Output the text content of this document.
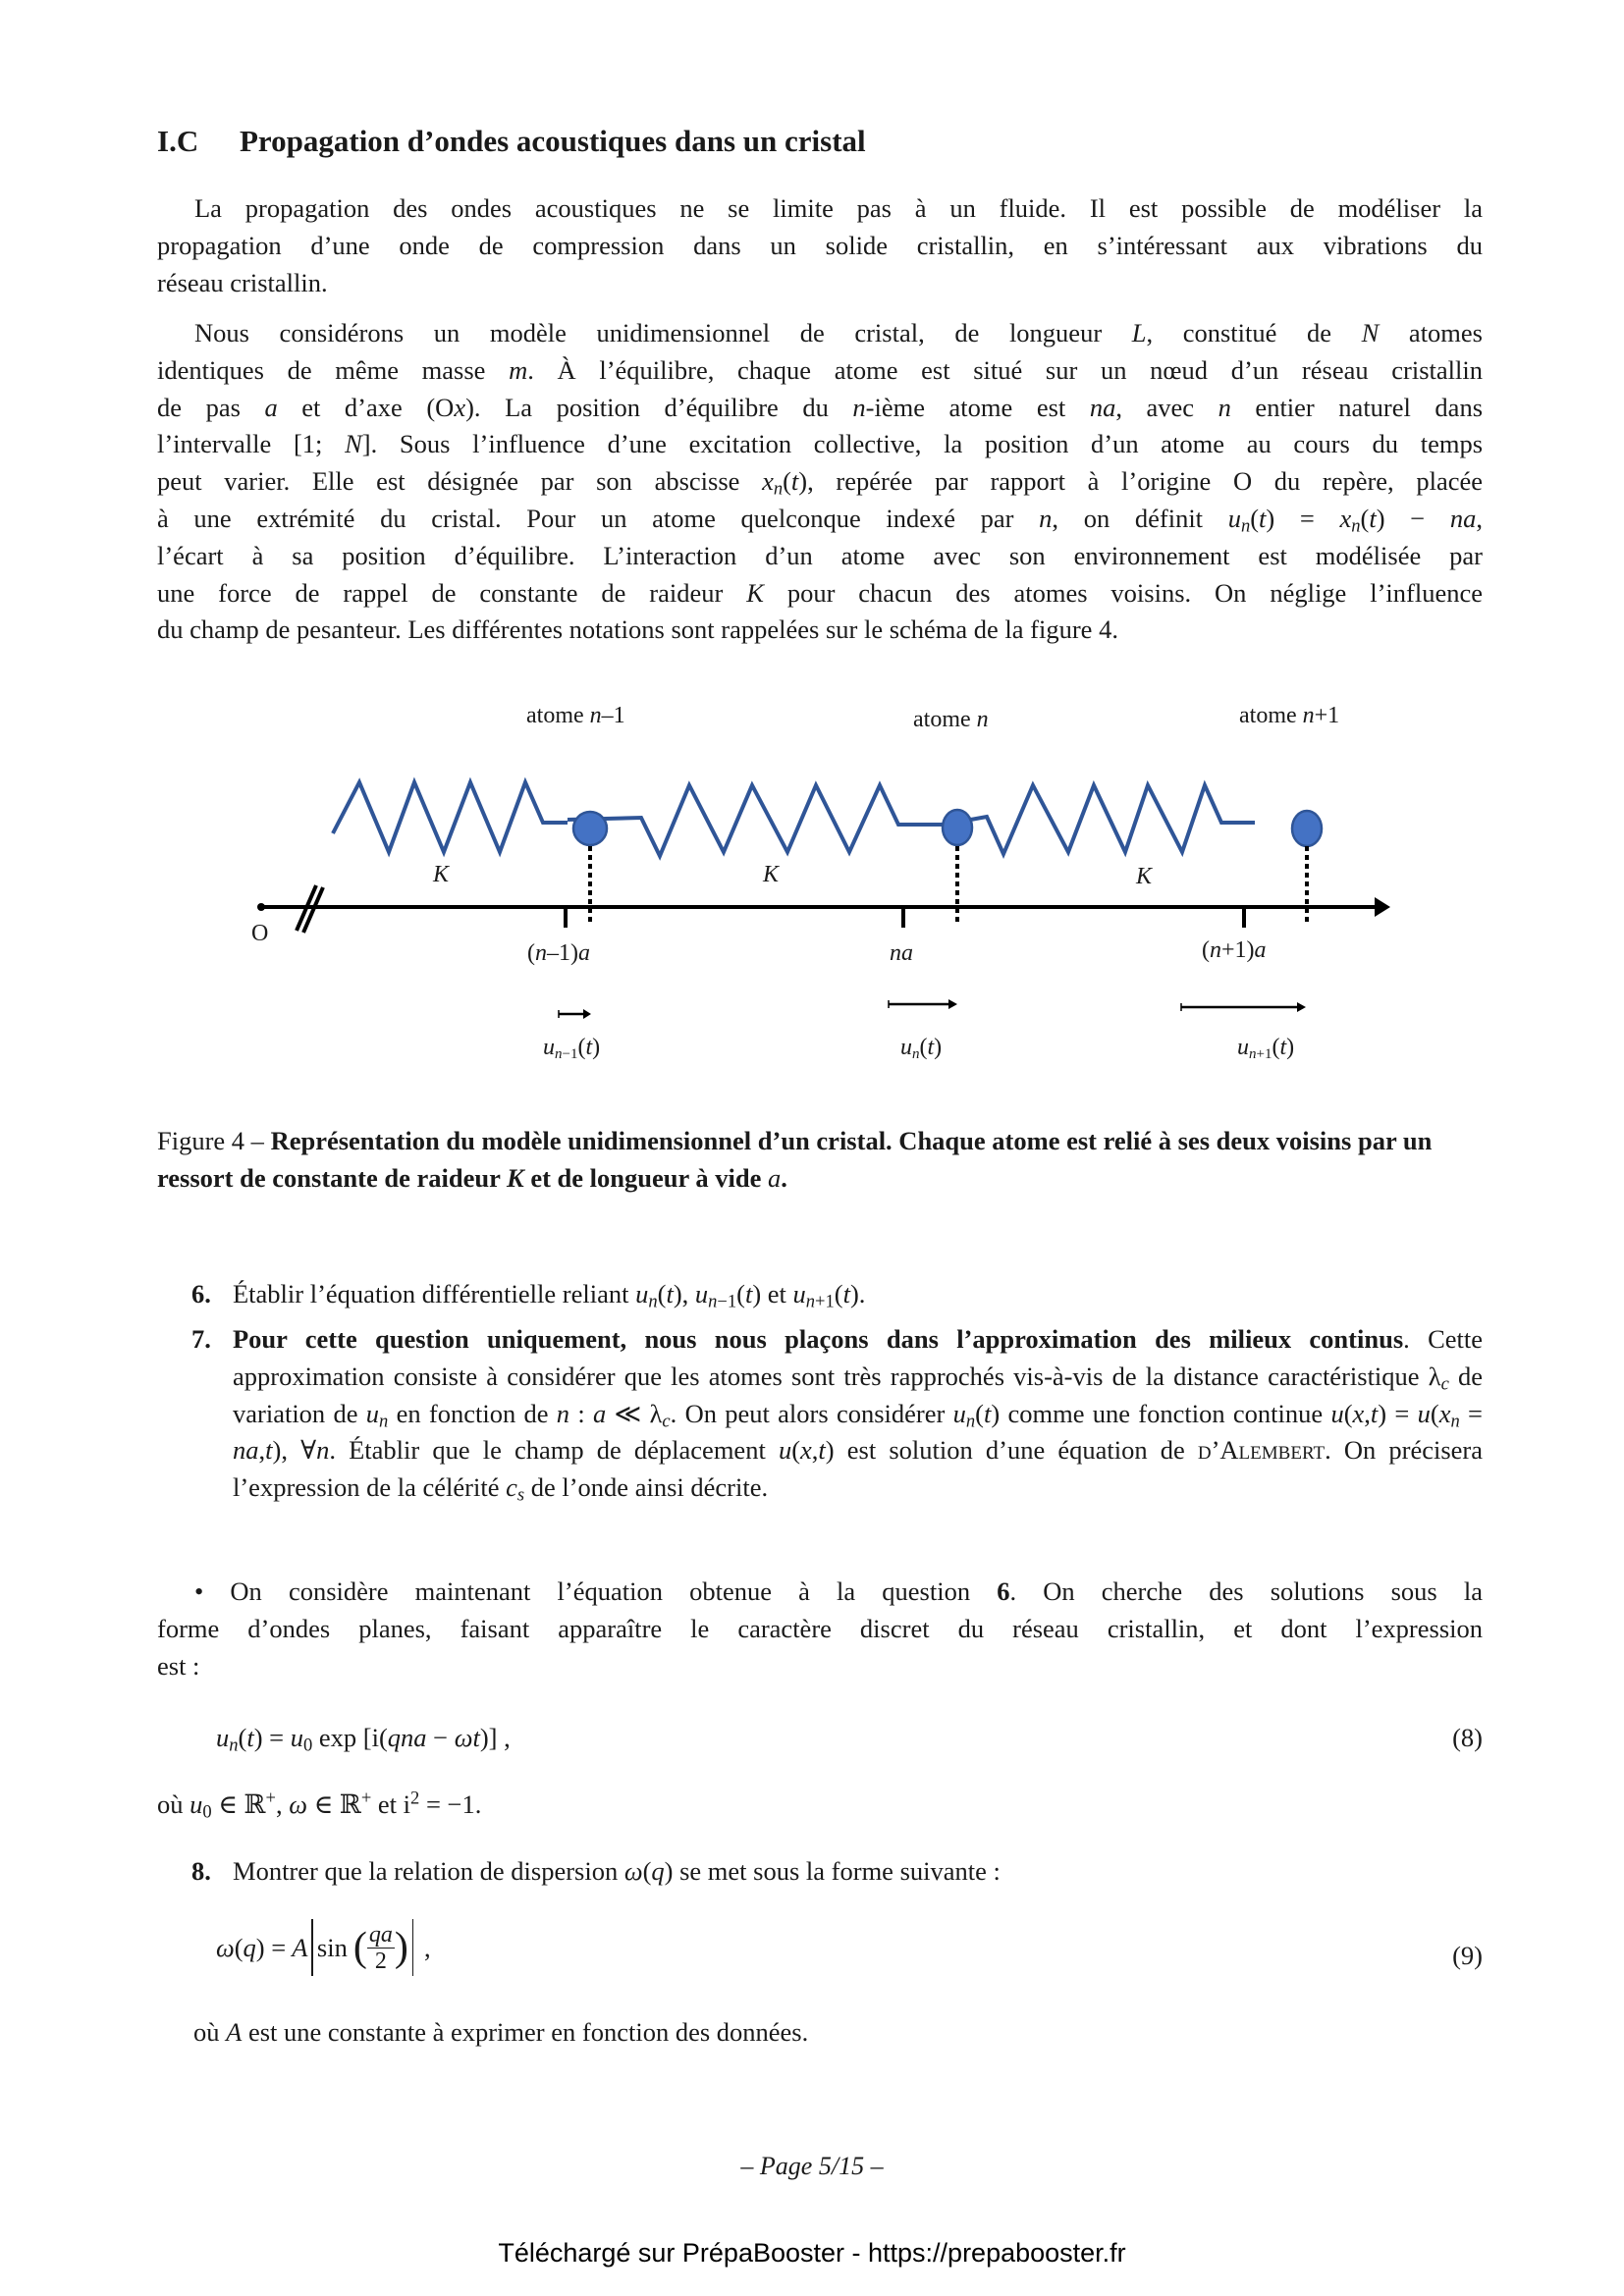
I.C Propagation d’ondes acoustiques dans un cristal
La propagation des ondes acoustiques ne se limite pas à un fluide. Il est possible de modéliser la
propagation d’une onde de compression dans un solide cristallin, en s’intéressant aux vibrations du
réseau cristallin.
Nous considérons un modèle unidimensionnel de cristal, de longueur L, constitué de N atomes
identiques de même masse m. À l’équilibre, chaque atome est situé sur un nœud d’un réseau cristallin
de pas a et d’axe (Ox). La position d’équilibre du n-ième atome est na, avec n entier naturel dans
l’intervalle [1; N]. Sous l’influence d’une excitation collective, la position d’un atome au cours du temps
peut varier. Elle est désignée par son abscisse $x_n(t)$, repérée par rapport à l’origine O du repère, placée
à une extrémité du cristal. Pour un atome quelconque indexé par n, on définit $u_n(t) = x_n(t)$ − na,
l’écart à sa position d’équilibre. L’interaction d’un atome avec son environnement est modélisée par
une force de rappel de constante de raideur K pour chacun des atomes voisins. On néglige l’influence
du champ de pesanteur. Les différentes notations sont rappelées sur le schéma de la figure 4.
atome n–1	atome n	atome n+1
K	K	K
O
(n–1)a	na	(n+1)a
$u_{n-1}(t)$	$u_n(t)$	$u_{n+1}(t)$
Figure 4 – Représentation du modèle unidimensionnel d’un cristal. Chaque atome est relié à ses deux voisins par un ressort de constante de raideur K et de longueur à vide a.
6. Établir l’équation différentielle reliant $u_n(t)$, $u_{n-1}(t)$ et $u_{n+1}(t)$.
7. Pour cette question uniquement, nous nous plaçons dans l’approximation des milieux continus. Cette approximation consiste à considérer que les atomes sont très rapprochés vis-à-vis de la distance caractéristique $\lambda_c$ de variation de $u_n$ en fonction de n : a ≪ $\lambda_c$. On peut alors considérer $u_n(t)$ comme une fonction continue $u(x,t) = u(x_n = na,t)$, ∀n. Établir que le champ de déplacement u(x,t) est solution d’une équation de d’Alembert. On précisera l’expression de la célérité $c_s$ de l’onde ainsi décrite.
• On considère maintenant l’équation obtenue à la question 6. On cherche des solutions sous la
forme d’ondes planes, faisant apparaître le caractère discret du réseau cristallin, et dont l’expression
est :
$u_n(t) = u_0$ exp [i(qna − ωt)] ,	(8)
où $u_0$ ∈ ℝ+, ω ∈ ℝ+ et $i^2 = -1$.
8. Montrer que la relation de dispersion ω(q) se met sous la forme suivante :
ω ( q ) = A sin ( $\frac{qa}{2}$ ) ,	(9)
où A est une constante à exprimer en fonction des données.
– Page 5/15 –
Téléchargé sur PrépaBooster - https://prepabooster.fr
